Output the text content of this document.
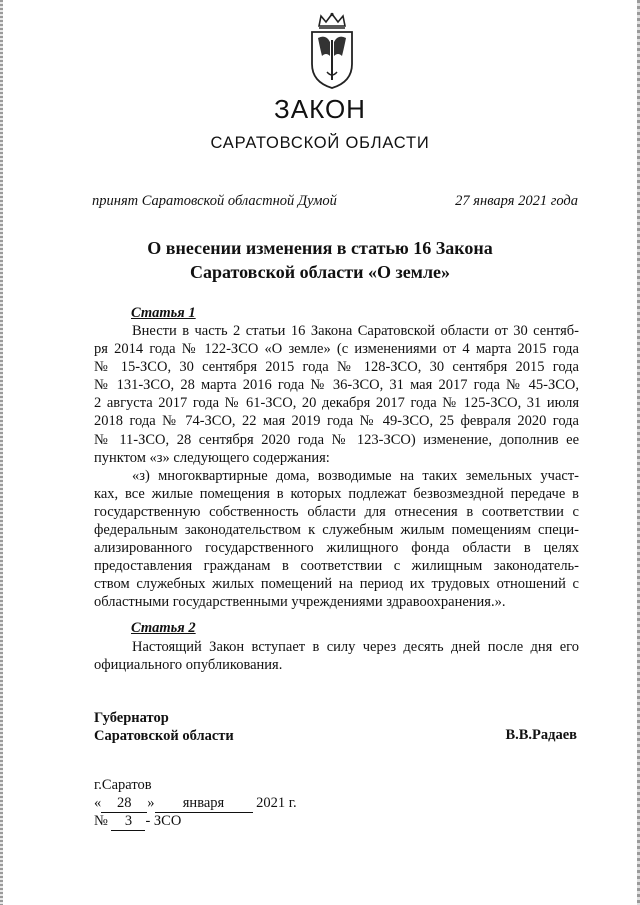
ЗАКОН
САРАТОВСКОЙ ОБЛАСТИ
принят Саратовской областной Думой	27 января 2021 года
О внесении изменения в статью 16 Закона
Саратовской области «О земле»
Статья 1
Внести в часть 2 статьи 16 Закона Саратовской области от 30 сентяб-
ря 2014 года № 122-ЗСО «О земле» (с изменениями от 4 марта 2015 года
№ 15-ЗСО, 30 сентября 2015 года № 128-ЗСО, 30 сентября 2015 года
№ 131-ЗСО, 28 марта 2016 года № 36-ЗСО, 31 мая 2017 года № 45-ЗСО,
2 августа 2017 года № 61-ЗСО, 20 декабря 2017 года № 125-ЗСО, 31 июля
2018 года № 74-ЗСО, 22 мая 2019 года № 49-ЗСО, 25 февраля 2020 года
№ 11-ЗСО, 28 сентября 2020 года № 123-ЗСО) изменение, дополнив ее
пунктом «з» следующего содержания:
«з) многоквартирные дома, возводимые на таких земельных участ-
ках, все жилые помещения в которых подлежат безвозмездной передаче в
государственную собственность области для отнесения в соответствии с
федеральным законодательством к служебным жилым помещениям специ-
ализированного государственного жилищного фонда области в целях
предоставления гражданам в соответствии с жилищным законодатель-
ством служебных жилых помещений на период их трудовых отношений с
областными государственными учреждениями здравоохранения.».
Статья 2
Настоящий Закон вступает в силу через десять дней после дня его
официального опубликования.
Губернатор
Саратовской области	В.В.Радаев
г.Саратов
« 28 » января 2021 г.
№ 3 - ЗСО
